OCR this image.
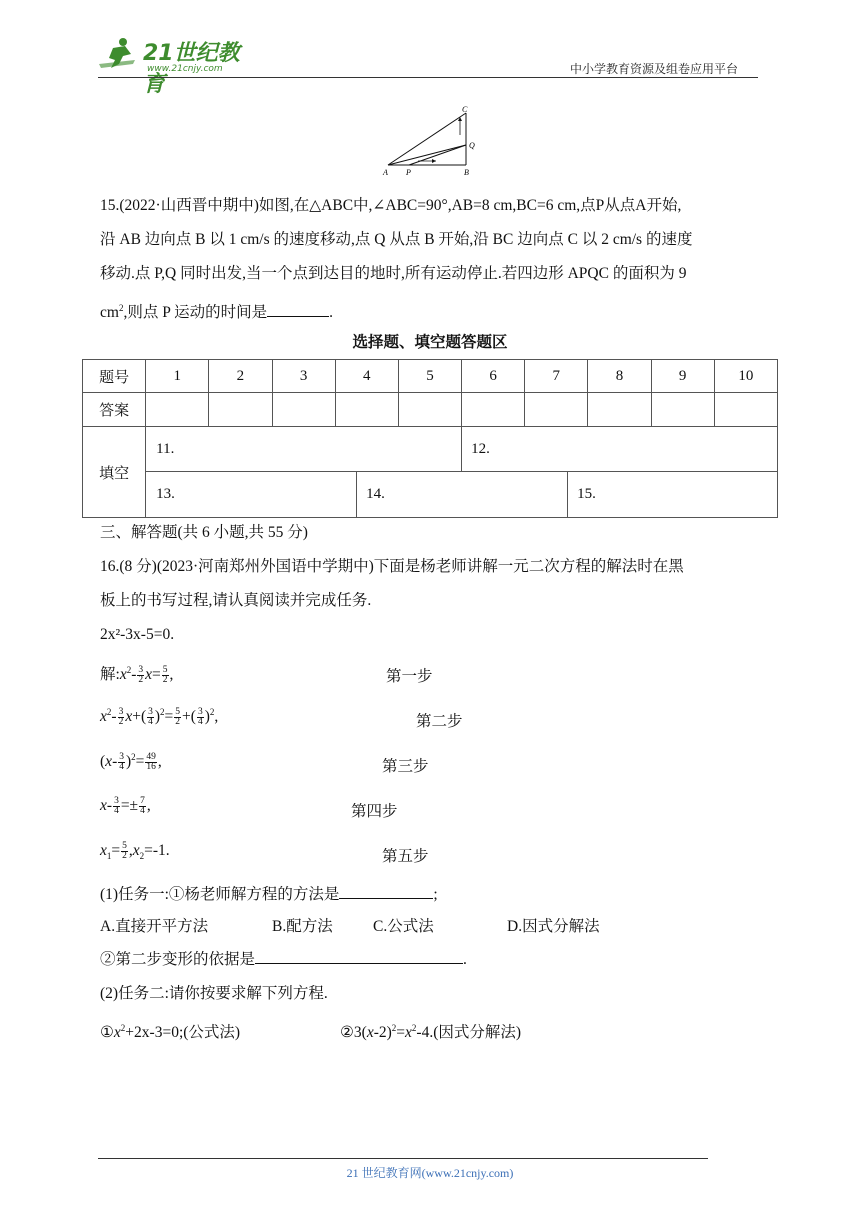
21世纪教育
www.21cnjy.com	中小学教育资源及组卷应用平台
A P	B
Q
C
15.(2022·山西晋中期中)如图,在△ABC中,∠ABC=90°,AB=8 cm,BC=6 cm,点P从点A开始,
沿 AB 边向点 B 以 1 cm/s 的速度移动,点 Q 从点 B 开始,沿 BC 边向点 C 以 2 cm/s 的速度
移动.点 P,Q 同时出发,当一个点到达目的地时,所有运动停止.若四边形 APQC 的面积为 9
$cm^2$,则点 P 运动的时间是	.
选择题、填空题答题区
题号	1	2	3	4	5	6	7	8	9	10
答案										
填空	11. 12.
13. 14. 15.									
三、解答题(共 6 小题,共 55 分)
16.(8 分)(2023·河南郑州外国语中学期中)下面是杨老师讲解一元二次方程的解法时在黑
板上的书写过程,请认真阅读并完成任务.
2x²-3x-5=0.
解$:x^2- \frac{3}{2} x= \frac{5}{2}$ ,	第一步
$x^2- \frac{3}{2} x+( \frac{3}{4} )^2= \frac{5}{2}$ +( $\frac{3}{4} )^2$,	第二步
$(x- \frac{3}{4} )^2= \frac{49}{16}$ ,	第三步
$x- \frac{3}{4} =\pm \frac{7}{4}$ ,	第四步
$x_1= \frac{5}{2} ,x_2=-1$.	第五步
(1)任务一:①杨老师解方程的方法是	;
A.直接开平方法	B.配方法	C.公式法	D.因式分解法
②第二步变形的依据是	.
(2)任务二:请你按要求解下列方程.
$①x^2+2x-3=0$;(公式法)	$②3(x-2)^2=x^2-4$.(因式分解法)
21 世纪教育网(www.21cnjy.com)
